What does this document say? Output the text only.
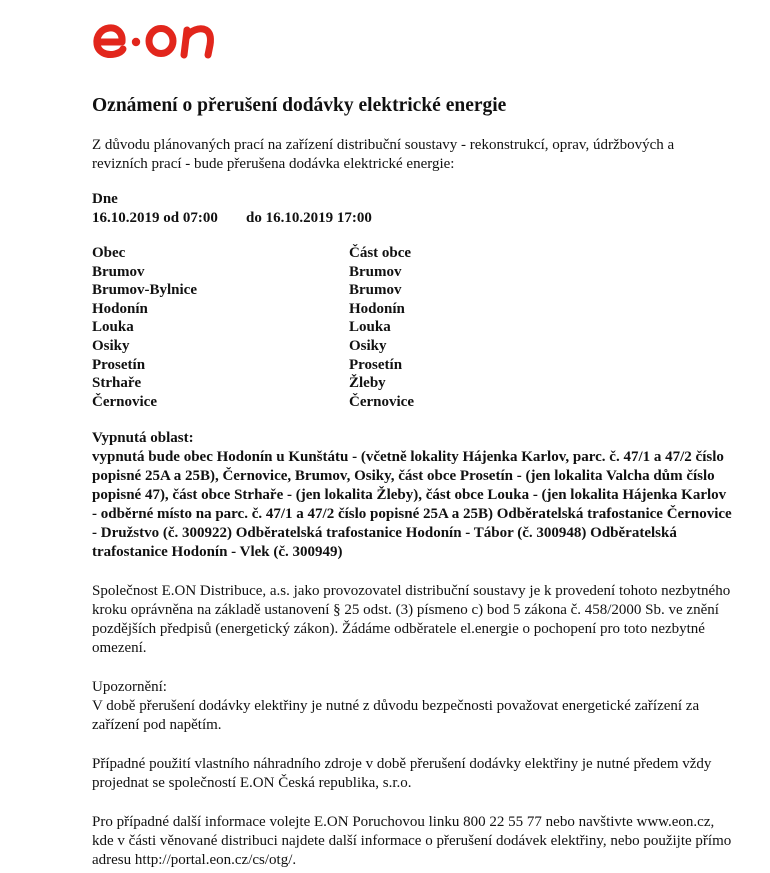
Oznámení o přerušení dodávky elektrické energie

Z důvodu plánovaných prací na zařízení distribuční soustavy - rekonstrukcí, oprav, údržbových a revizních prací - bude přerušena dodávka elektrické energie:

Dne
16.10.2019 od 07:00	do 16.10.2019 17:00
Obec	Část obce
Brumov	Brumov
Brumov-Bylnice	Brumov
Hodonín	Hodonín
Louka	Louka
Osiky	Osiky
Prosetín	Prosetín
Strhaře	Žleby
Černovice	Černovice
Vypnutá oblast:

vypnutá bude obec Hodonín u Kunštátu - (včetně lokality Hájenka Karlov, parc. č. 47/1 a 47/2 číslo popisné 25A a 25B), Černovice, Brumov, Osiky, část obce Prosetín - (jen lokalita Valcha dům číslo popisné 47), část obce Strhaře - (jen lokalita Žleby), část obce Louka - (jen lokalita Hájenka Karlov - odběrné místo na parc. č. 47/1 a 47/2 číslo popisné 25A a 25B) Odběratelská trafostanice Černovice - Družstvo (č. 300922) Odběratelská trafostanice Hodonín - Tábor (č. 300948) Odběratelská trafostanice Hodonín - Vlek (č. 300949)

Společnost E.ON Distribuce, a.s. jako provozovatel distribuční soustavy je k provedení tohoto nezbytného kroku oprávněna na základě ustanovení § 25 odst. (3) písmeno c) bod 5 zákona č. 458/2000 Sb. ve znění pozdějších předpisů (energetický zákon). Žádáme odběratele el.energie o pochopení pro toto nezbytné omezení.

Upozornění:

V době přerušení dodávky elektřiny je nutné z důvodu bezpečnosti považovat energetické zařízení za zařízení pod napětím.

Případné použití vlastního náhradního zdroje v době přerušení dodávky elektřiny je nutné předem vždy projednat se společností E.ON Česká republika, s.r.o.

Pro případné další informace volejte E.ON Poruchovou linku 800 22 55 77 nebo navštivte www.eon.cz, kde v části věnované distribuci najdete další informace o přerušení dodávek elektřiny, nebo použijte přímo adresu http://portal.eon.cz/cs/otg/.
